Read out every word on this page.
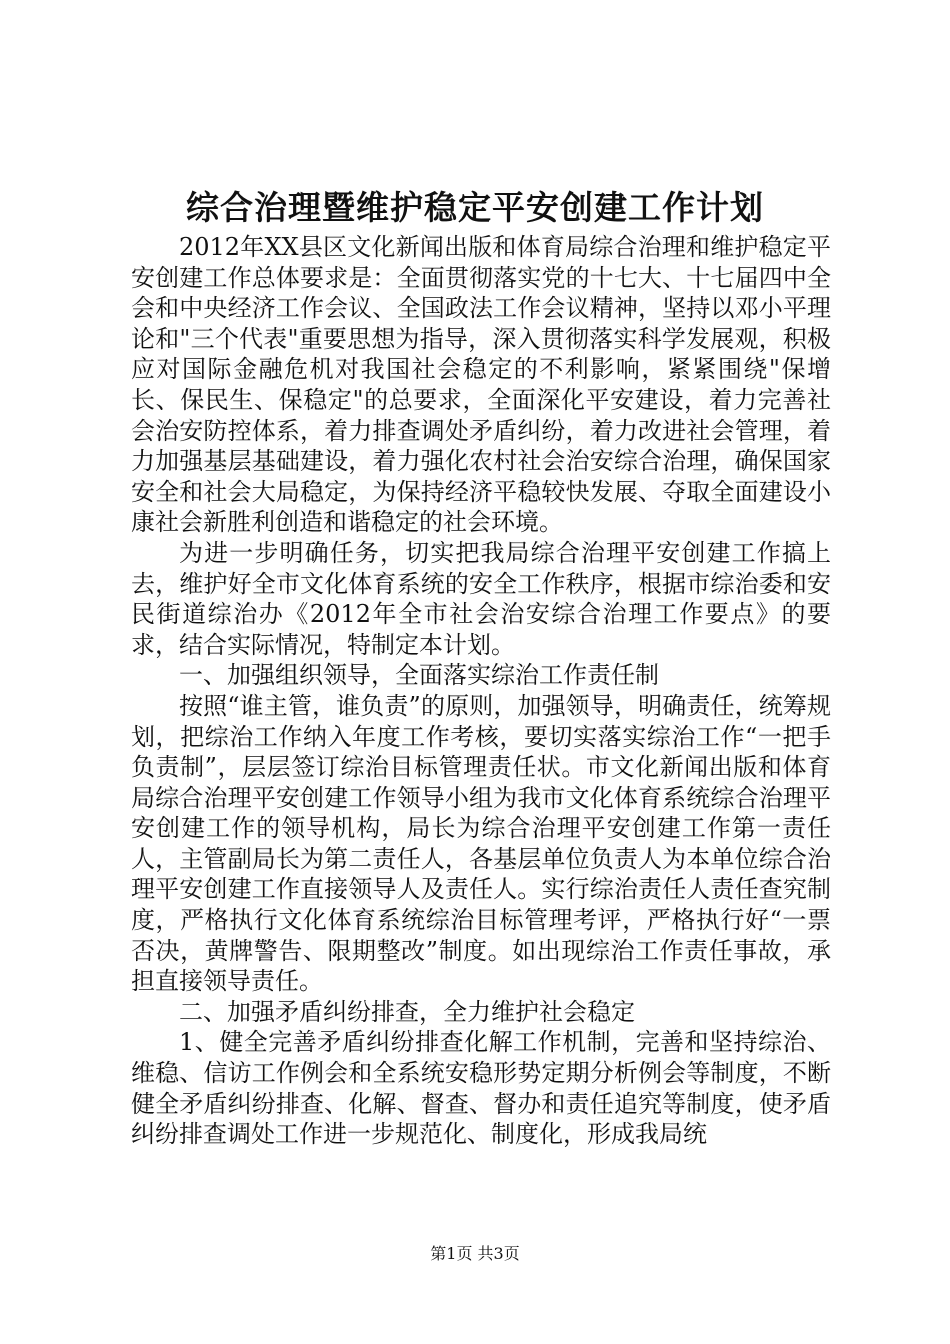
综合治理暨维护稳定平安创建工作计划

2012年XX县区文化新闻出版和体育局综合治理和维护稳定平安创建工作总体要求是：全面贯彻落实党的十七大、十七届四中全会和中央经济工作会议、全国政法工作会议精神，坚持以邓小平理论和"三个代表"重要思想为指导，深入贯彻落实科学发展观，积极应对国际金融危机对我国社会稳定的不利影响，紧紧围绕"保增长、保民生、保稳定"的总要求，全面深化平安建设，着力完善社会治安防控体系，着力排查调处矛盾纠纷，着力改进社会管理，着力加强基层基础建设，着力强化农村社会治安综合治理，确保国家安全和社会大局稳定，为保持经济平稳较快发展、夺取全面建设小康社会新胜利创造和谐稳定的社会环境。

为进一步明确任务，切实把我局综合治理平安创建工作搞上去，维护好全市文化体育系统的安全工作秩序，根据市综治委和安民街道综治办《2012年全市社会治安综合治理工作要点》的要求，结合实际情况，特制定本计划。

一、加强组织领导，全面落实综治工作责任制

按照“谁主管，谁负责”的原则，加强领导，明确责任，统筹规划，把综治工作纳入年度工作考核，要切实落实综治工作“一把手负责制”，层层签订综治目标管理责任状。市文化新闻出版和体育局综合治理平安创建工作领导小组为我市文化体育系统综合治理平安创建工作的领导机构，局长为综合治理平安创建工作第一责任人，主管副局长为第二责任人，各基层单位负责人为本单位综合治理平安创建工作直接领导人及责任人。实行综治责任人责任查究制度，严格执行文化体育系统综治目标管理考评，严格执行好“一票否决，黄牌警告、限期整改”制度。如出现综治工作责任事故，承担直接领导责任。

二、加强矛盾纠纷排查，全力维护社会稳定

1、健全完善矛盾纠纷排查化解工作机制，完善和坚持综治、维稳、信访工作例会和全系统安稳形势定期分析例会等制度，不断健全矛盾纠纷排查、化解、督查、督办和责任追究等制度，使矛盾纠纷排查调处工作进一步规范化、制度化，形成我局统

第1页 共3页
